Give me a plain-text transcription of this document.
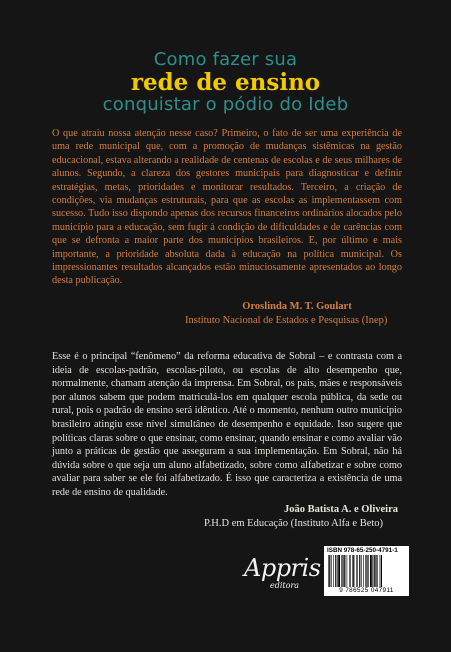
Como fazer sua
rede de ensino
conquistar o pódio do Ideb
O que atraiu nossa atenção nesse caso? Primeiro, o fato de ser uma experiência de uma rede municipal que, com a promoção de mudanças sistêmicas na gestão educacional, estava alterando a realidade de centenas de escolas e de seus milhares de alunos. Segundo, a clareza dos gestores municipais para diagnosticar e definir estratégias, metas, prioridades e monitorar resultados. Terceiro, a criação de condições, via mudanças estruturais, para que as escolas as implementassem com sucesso. Tudo isso dispondo apenas dos recursos financeiros ordinários alocados pelo município para a educação, sem fugir à condição de dificuldades e de carências com que se defronta a maior parte dos municípios brasileiros. E, por último e mais importante, a prioridade absoluta dada à educação na política municipal. Os impressionantes resultados alcançados estão minuciosamente apresentados ao longo desta publicação.
Oroslinda M. T. Goulart
Instituto Nacional de Estados e Pesquisas (Inep)
Esse é o principal “fenômeno” da reforma educativa de Sobral – e contrasta com a ideia de escolas-padrão, escolas-piloto, ou escolas de alto desempenho que, normalmente, chamam atenção da imprensa. Em Sobral, os pais, mães e responsáveis por alunos sabem que podem matriculá-los em qualquer escola pública, da sede ou rural, pois o padrão de ensino será idêntico. Até o momento, nenhum outro município brasileiro atingiu esse nível simultâneo de desempenho e equidade. Isso sugere que políticas claras sobre o que ensinar, como ensinar, quando ensinar e como avaliar vão junto a práticas de gestão que asseguram a sua implementação. Em Sobral, não há dúvida sobre o que seja um aluno alfabetizado, sobre como alfabetizar e sobre como avaliar para saber se ele foi alfabetizado. É isso que caracteriza a existência de uma rede de ensino de qualidade.
João Batista A. e Oliveira
P.H.D em Educação (Instituto Alfa e Beto)
Appris
editora
ISBN 978-65-250-4791-1
9 786525 047911
